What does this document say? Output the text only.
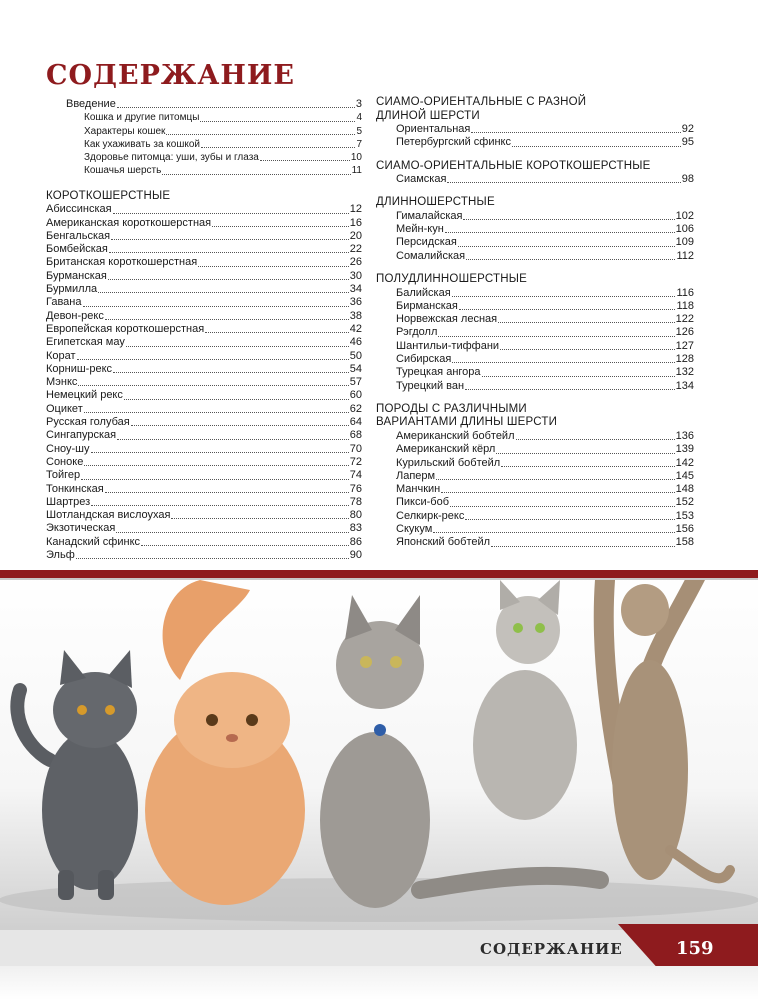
СОДЕРЖАНИЕ
Введение	3
Кошка и другие питомцы	4
Характеры кошек	5
Как ухаживать за кошкой	7
Здоровье питомца: уши, зубы и глаза	10
Кошачья шерсть	11
КОРОТКОШЕРСТНЫЕ
Абиссинская	12
Американская короткошерстная	16
Бенгальская	20
Бомбейская	22
Британская короткошерстная	26
Бурманская	30
Бурмилла	34
Гавана	36
Девон-рекс	38
Европейская короткошерстная	42
Египетская мау	46
Корат	50
Корниш-рекс	54
Мэнкс	57
Немецкий рекс	60
Оцикет	62
Русская голубая	64
Сингапурская	68
Сноу-шу	70
Соноке	72
Тойгер	74
Тонкинская	76
Шартрез	78
Шотландская вислоухая	80
Экзотическая	83
Канадский сфинкс	86
Эльф	90
СИАМО-ОРИЕНТАЛЬНЫЕ С РАЗНОЙ
ДЛИНОЙ ШЕРСТИ
Ориентальная	92
Петербургский сфинкс	95
СИАМО-ОРИЕНТАЛЬНЫЕ КОРОТКОШЕРСТНЫЕ
Сиамская	98
ДЛИННОШЕРСТНЫЕ
Гималайская	102
Мейн-кун	106
Персидская	109
Сомалийская	112
ПОЛУДЛИННОШЕРСТНЫЕ
Балийская	116
Бирманская	118
Норвежская лесная	122
Рэгдолл	126
Шантильи-тиффани	127
Сибирская	128
Турецкая ангора	132
Турецкий ван	134
ПОРОДЫ С РАЗЛИЧНЫМИ
ВАРИАНТАМИ ДЛИНЫ ШЕРСТИ
Американский бобтейл	136
Американский кёрл	139
Курильский бобтейл	142
Лаперм	145
Манчкин	148
Пикси-боб	152
Селкирк-рекс	153
Скукум	156
Японский бобтейл	158
СОДЕРЖАНИЕ	159
